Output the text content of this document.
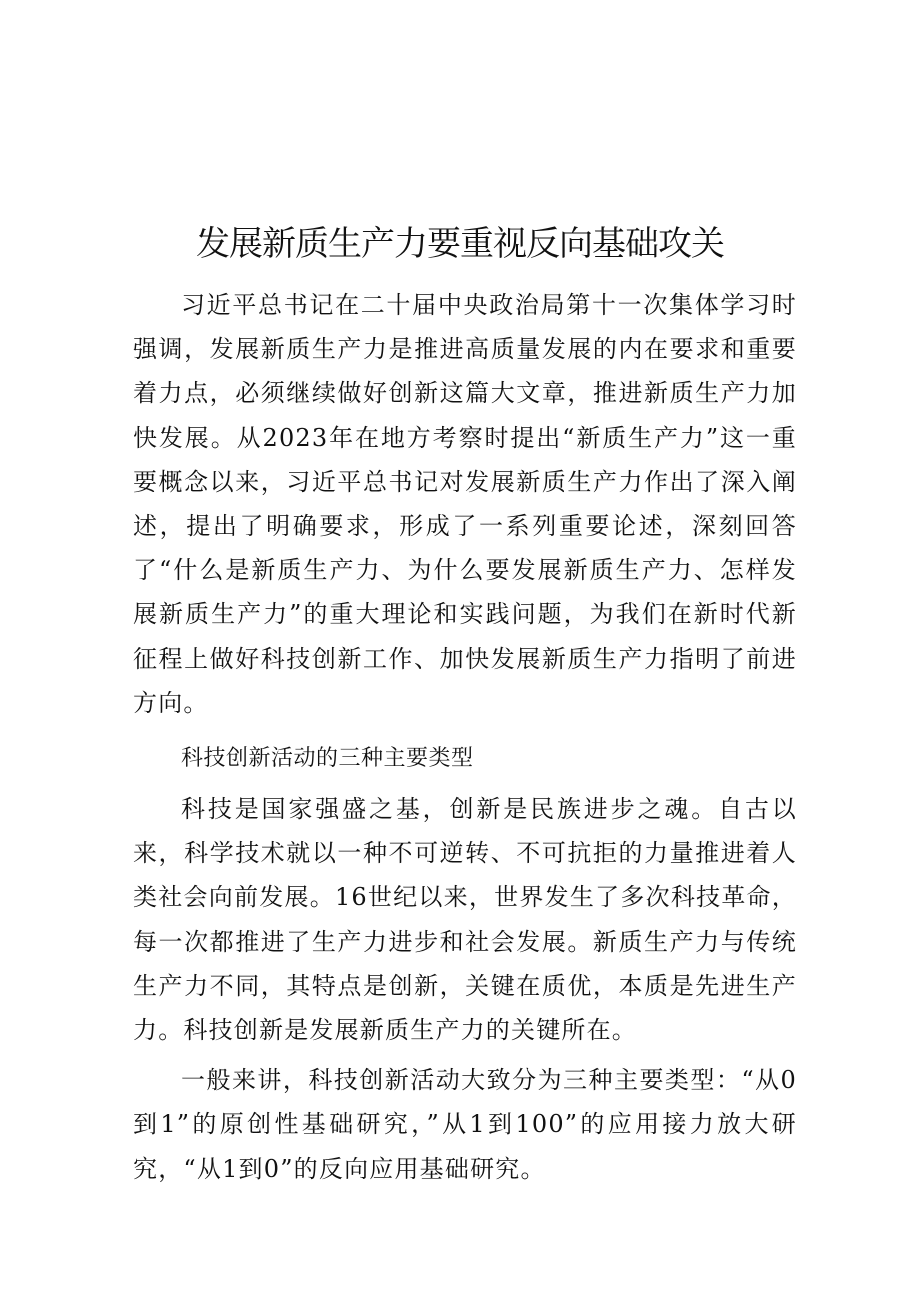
发展新质生产力要重视反向基础攻关

习近平总书记在二十届中央政治局第十一次集体学习时强调，发展新质生产力是推进高质量发展的内在要求和重要着力点，必须继续做好创新这篇大文章，推进新质生产力加快发展。从2023年在地方考察时提出“新质生产力”这一重要概念以来，习近平总书记对发展新质生产力作出了深入阐述，提出了明确要求，形成了一系列重要论述，深刻回答了“什么是新质生产力、为什么要发展新质生产力、怎样发展新质生产力”的重大理论和实践问题，为我们在新时代新征程上做好科技创新工作、加快发展新质生产力指明了前进方向。

科技创新活动的三种主要类型

科技是国家强盛之基，创新是民族进步之魂。自古以来，科学技术就以一种不可逆转、不可抗拒的力量推进着人类社会向前发展。16世纪以来，世界发生了多次科技革命，每一次都推进了生产力进步和社会发展。新质生产力与传统生产力不同，其特点是创新，关键在质优，本质是先进生产力。科技创新是发展新质生产力的关键所在。

一般来讲，科技创新活动大致分为三种主要类型：“从0到1”的原创性基础研究，”从1到100”的应用接力放大研究，“从1到0”的反向应用基础研究。
